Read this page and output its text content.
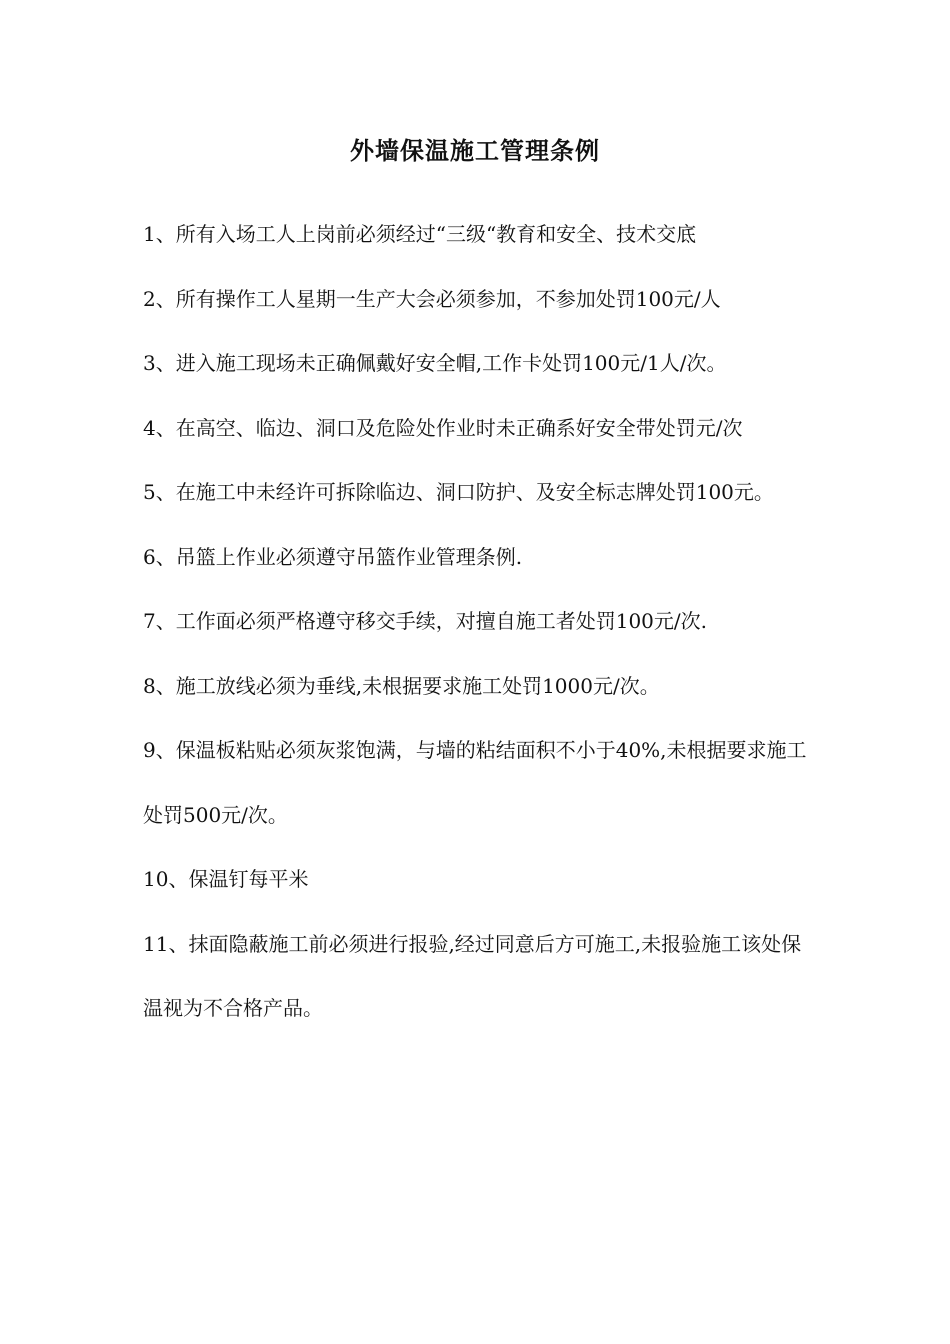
外墙保温施工管理条例
1、所有入场工人上岗前必须经过“三级“教育和安全、技术交底
2、所有操作工人星期一生产大会必须参加，不参加处罚100元/人
3、进入施工现场未正确佩戴好安全帽,工作卡处罚100元/1人/次。
4、在高空、临边、洞口及危险处作业时未正确系好安全带处罚元/次
5、在施工中未经许可拆除临边、洞口防护、及安全标志牌处罚100元。
6、吊篮上作业必须遵守吊篮作业管理条例.
7、工作面必须严格遵守移交手续，对擅自施工者处罚100元/次.
8、施工放线必须为垂线,未根据要求施工处罚1000元/次。
9、保温板粘贴必须灰浆饱满，与墙的粘结面积不小于40%,未根据要求施工处罚500元/次。
10、保温钉每平米
11、抹面隐蔽施工前必须进行报验,经过同意后方可施工,未报验施工该处保温视为不合格产品。
